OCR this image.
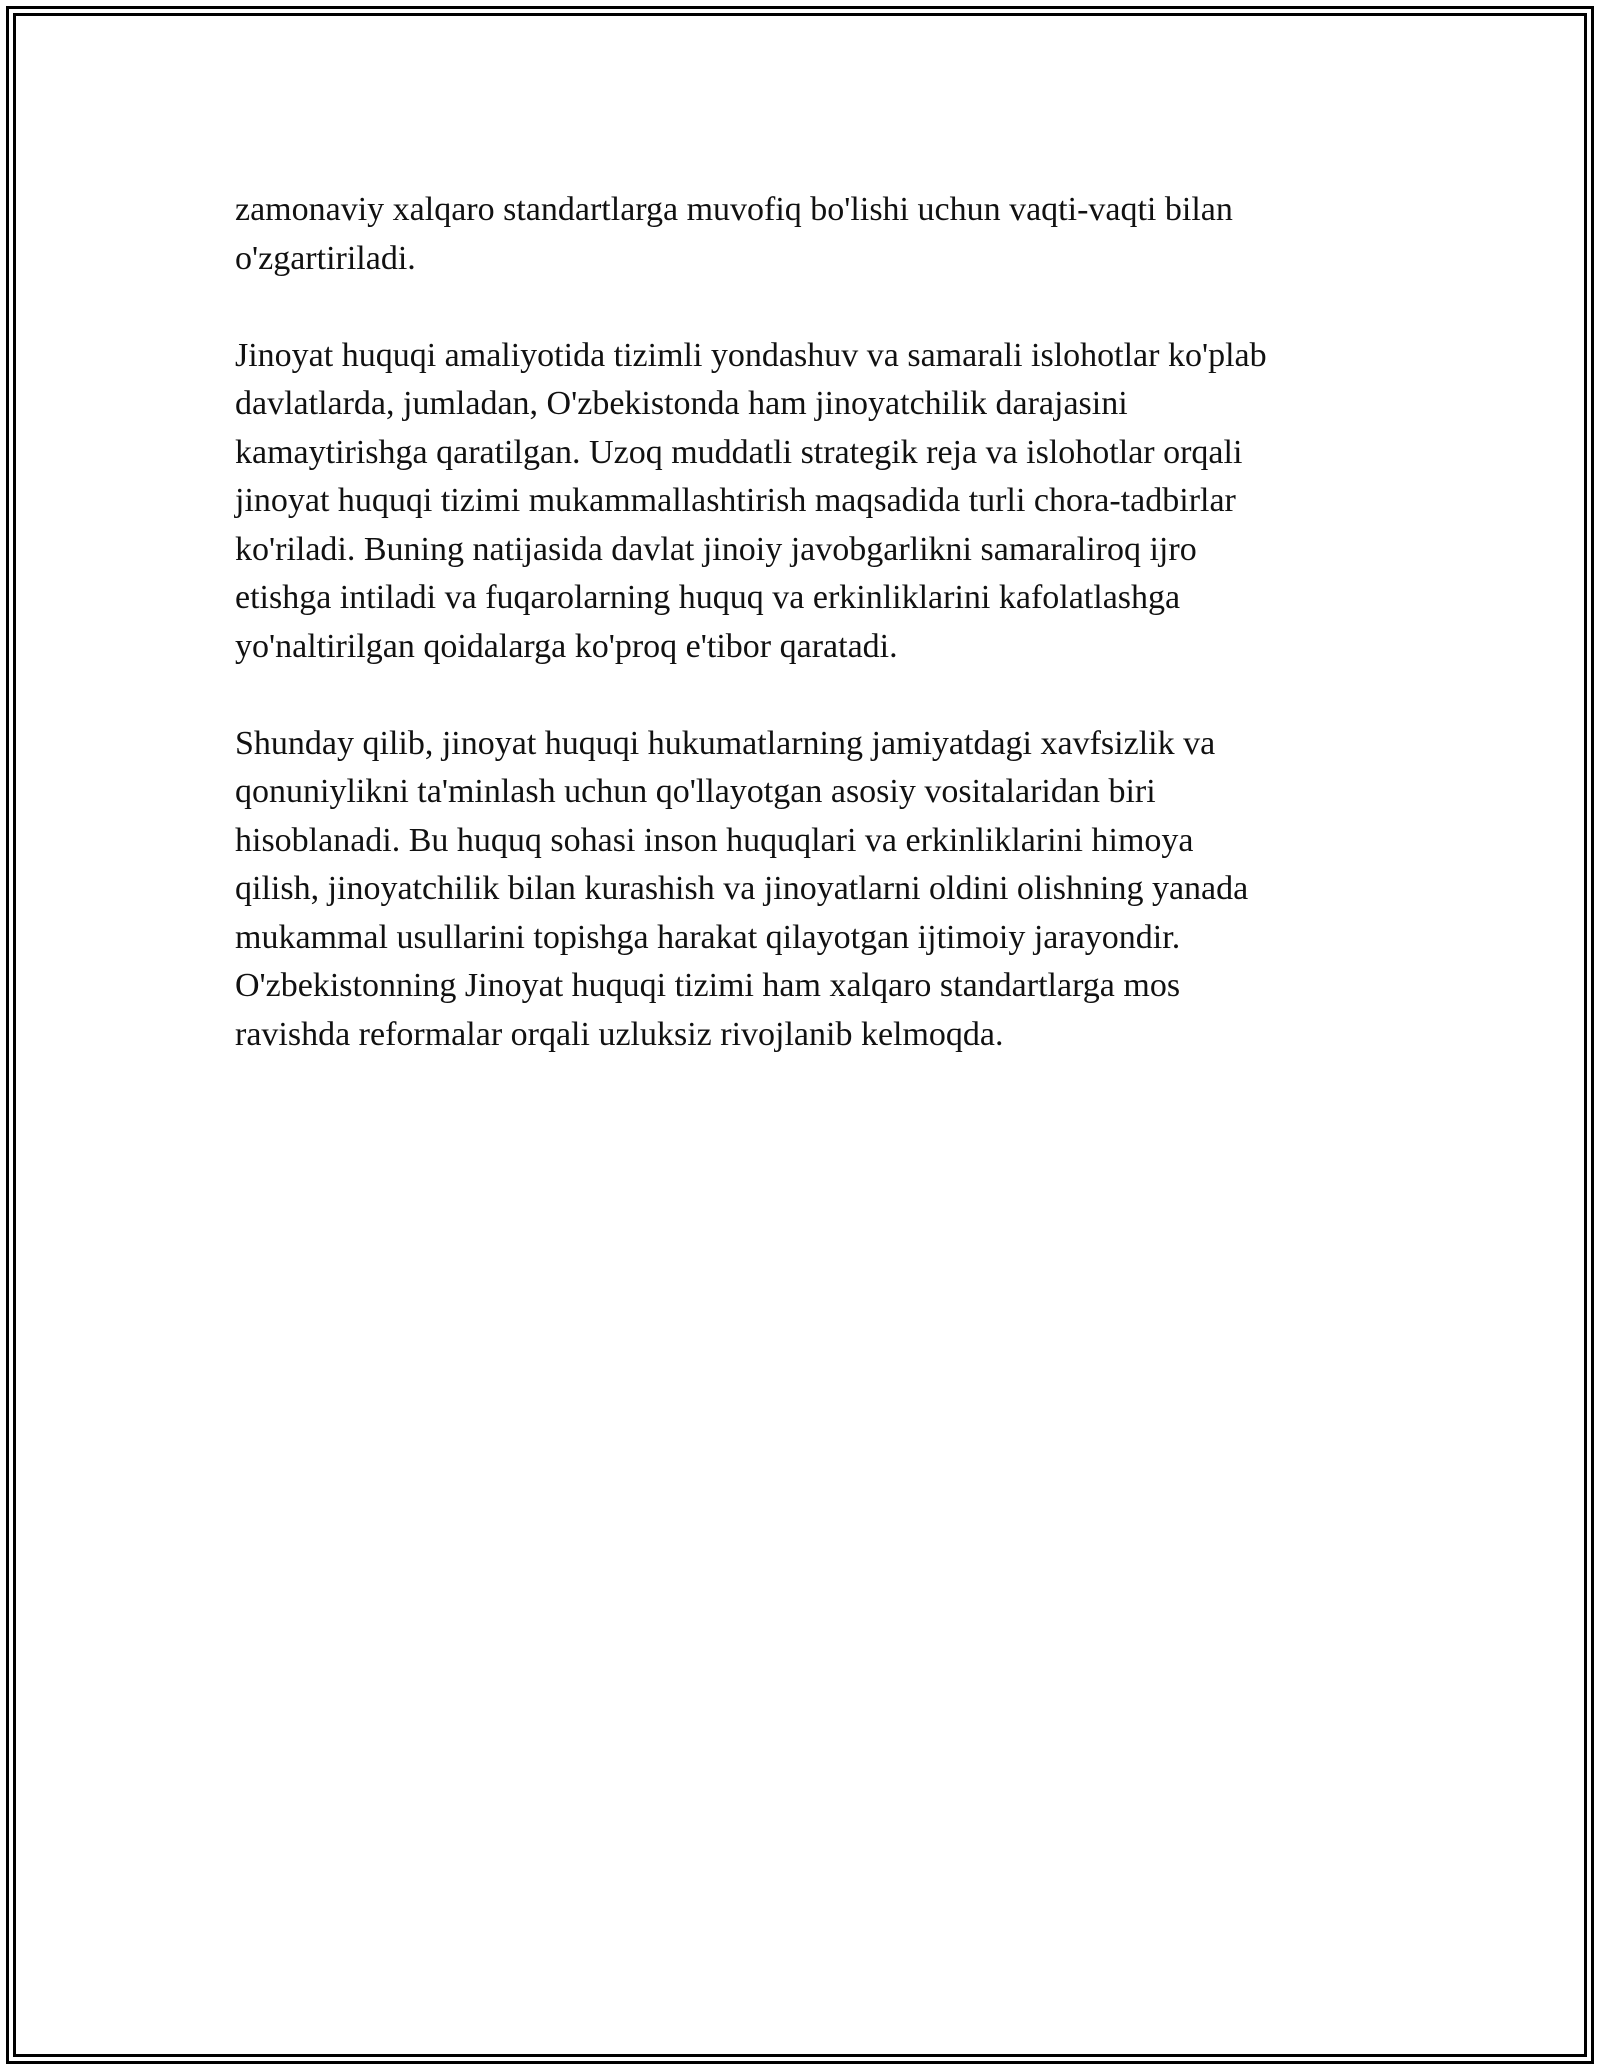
zamonaviy xalqaro standartlarga muvofiq bo'lishi uchun vaqti-vaqti bilan
o'zgartiriladi.

Jinoyat huquqi amaliyotida tizimli yondashuv va samarali islohotlar ko'plab
davlatlarda, jumladan, O'zbekistonda ham jinoyatchilik darajasini
kamaytirishga qaratilgan. Uzoq muddatli strategik reja va islohotlar orqali
jinoyat huquqi tizimi mukammallashtirish maqsadida turli chora-tadbirlar
ko'riladi. Buning natijasida davlat jinoiy javobgarlikni samaraliroq ijro
etishga intiladi va fuqarolarning huquq va erkinliklarini kafolatlashga
yo'naltirilgan qoidalarga ko'proq e'tibor qaratadi.

Shunday qilib, jinoyat huquqi hukumatlarning jamiyatdagi xavfsizlik va
qonuniylikni ta'minlash uchun qo'llayotgan asosiy vositalaridan biri
hisoblanadi. Bu huquq sohasi inson huquqlari va erkinliklarini himoya
qilish, jinoyatchilik bilan kurashish va jinoyatlarni oldini olishning yanada
mukammal usullarini topishga harakat qilayotgan ijtimoiy jarayondir.
O'zbekistonning Jinoyat huquqi tizimi ham xalqaro standartlarga mos
ravishda reformalar orqali uzluksiz rivojlanib kelmoqda.
